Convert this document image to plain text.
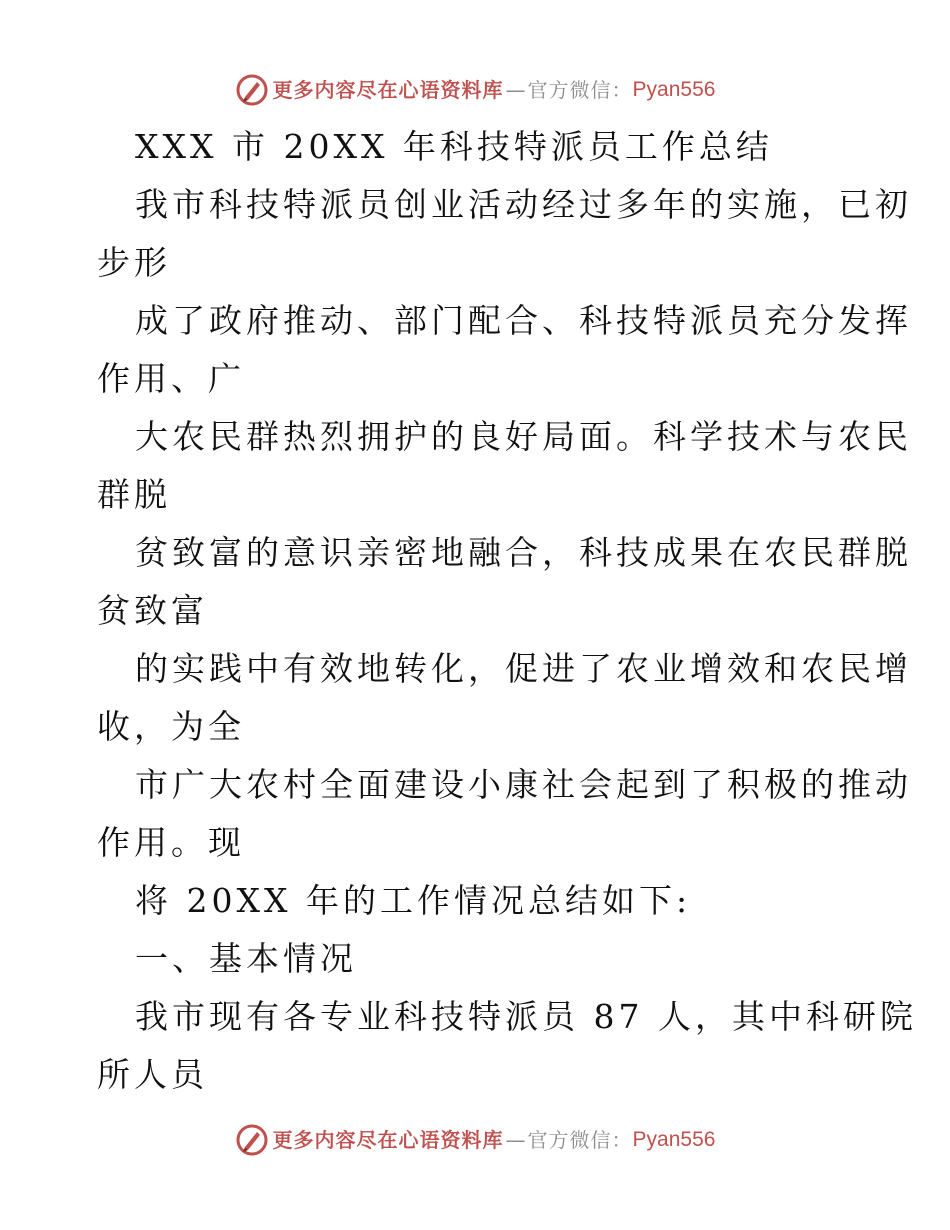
更多内容尽在心语资料库 — 官方微信： Pyan556
XXX 市 20XX 年科技特派员工作总结
我市科技特派员创业活动经过多年的实施，已初
步形
成了政府推动、部门配合、科技特派员充分发挥
作用、广
大农民群热烈拥护的良好局面。科学技术与农民
群脱
贫致富的意识亲密地融合，科技成果在农民群脱
贫致富
的实践中有效地转化，促进了农业增效和农民增
收，为全
市广大农村全面建设小康社会起到了积极的推动
作用。现
将 20XX 年的工作情况总结如下:
一、基本情况
我市现有各专业科技特派员 87 人，其中科研院
所人员
更多内容尽在心语资料库 — 官方微信： Pyan556
